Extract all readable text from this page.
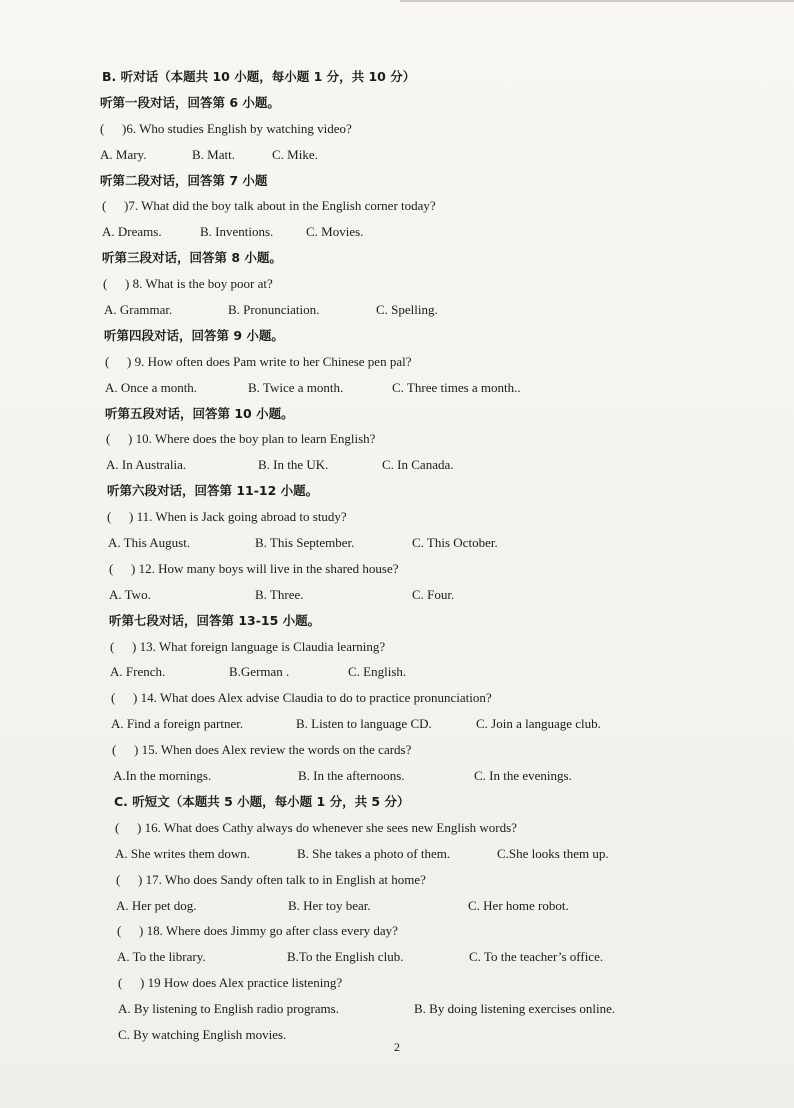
B. 听对话（本题共 10 小题，每小题 1 分，共 10 分）
听第一段对话，回答第 6 小题。
( )6. Who studies English by watching video?
A. Mary.	B. Matt.	C. Mike.
听第二段对话，回答第 7 小题
( )7. What did the boy talk about in the English corner today?
A. Dreams.	B. Inventions.	C. Movies.
听第三段对话，回答第 8 小题。
( ) 8. What is the boy poor at?
A. Grammar.	B. Pronunciation.	C. Spelling.
听第四段对话，回答第 9 小题。
( ) 9. How often does Pam write to her Chinese pen pal?
A. Once a month.	B. Twice a month.	C. Three times a month..
听第五段对话，回答第 10 小题。
( ) 10. Where does the boy plan to learn English?
A. In Australia.	B. In the UK.	C. In Canada.
听第六段对话，回答第 11-12 小题。
( ) 11. When is Jack going abroad to study?
A. This August.	B. This September.	C. This October.
( ) 12. How many boys will live in the shared house?
A. Two.	B. Three.	C. Four.
听第七段对话，回答第 13-15 小题。
( ) 13. What foreign language is Claudia learning?
A. French.	B.German .	C. English.
( ) 14. What does Alex advise Claudia to do to practice pronunciation?
A. Find a foreign partner.	B. Listen to language CD.	C. Join a language club.
( ) 15. When does Alex review the words on the cards?
A.In the mornings.	B. In the afternoons.	C. In the evenings.
C. 听短文（本题共 5 小题，每小题 1 分，共 5 分）
( ) 16. What does Cathy always do whenever she sees new English words?
A. She writes them down.	B. She takes a photo of them.	C.She looks them up.
( ) 17. Who does Sandy often talk to in English at home?
A. Her pet dog.	B. Her toy bear.	C. Her home robot.
( ) 18. Where does Jimmy go after class every day?
A. To the library.	B.To the English club.	C. To the teacher’s office.
( ) 19 How does Alex practice listening?
A. By listening to English radio programs.	B. By doing listening exercises online.
C. By watching English movies.
2
